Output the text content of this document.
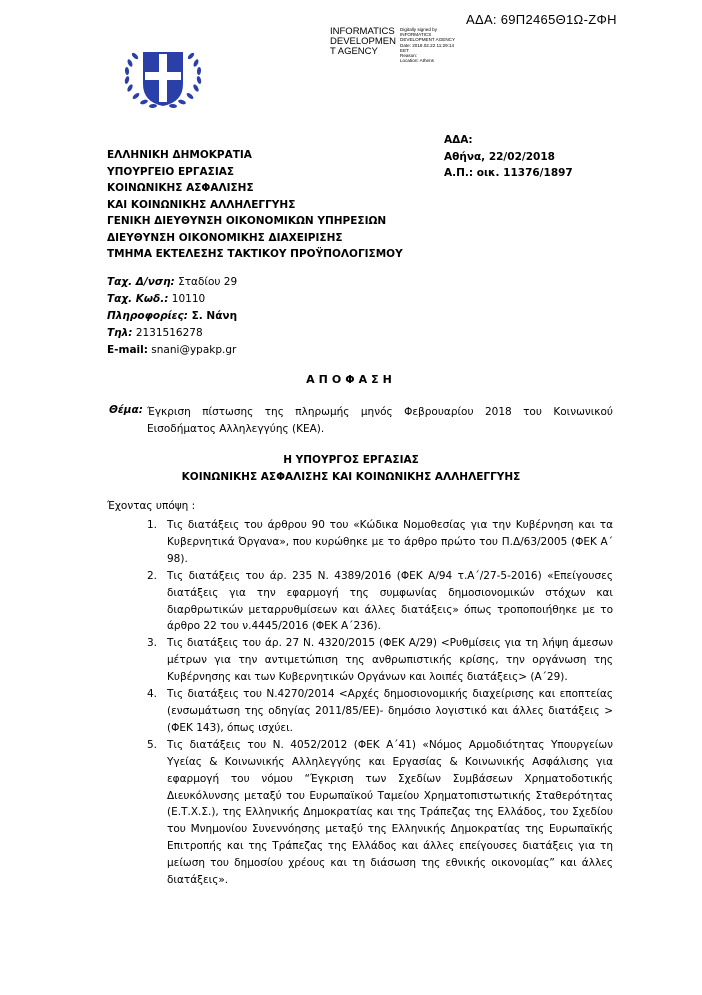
ΑΔΑ: 69Π2465Θ1Ω-ΖΦΗ
INFORMATICS
DEVELOPMEN
T AGENCY
Digitally signed by
INFORMATICS
DEVELOPMENT AGENCY
Date: 2018.02.22 11:29:14
EET
Reason:
Location: Athens
ΑΔΑ:
Αθήνα, 22/02/2018
Α.Π.: οικ. 11376/1897
ΕΛΛΗΝΙΚΗ ΔΗΜΟΚΡΑΤΙΑ
ΥΠΟΥΡΓΕΙΟ ΕΡΓΑΣΙΑΣ
ΚΟΙΝΩΝΙΚΗΣ ΑΣΦΑΛΙΣΗΣ
ΚΑΙ ΚΟΙΝΩΝΙΚΗΣ ΑΛΛΗΛΕΓΓΥΗΣ
ΓΕΝΙΚΗ ΔΙΕΥΘΥΝΣΗ ΟΙΚΟΝΟΜΙΚΩΝ ΥΠΗΡΕΣΙΩΝ
ΔΙΕΥΘΥΝΣΗ ΟΙΚΟΝΟΜΙΚΗΣ ΔΙΑΧΕΙΡΙΣΗΣ
ΤΜΗΜΑ ΕΚΤΕΛΕΣΗΣ ΤΑΚΤΙΚΟΥ ΠΡΟΫΠΟΛΟΓΙΣΜΟΥ
Ταχ. Δ/νση: Σταδίου 29
Ταχ. Κωδ.: 10110
Πληροφορίες: Σ. Νάνη
Τηλ: 2131516278
E-mail: snani@ypakp.gr
ΑΠΟΦΑΣΗ
Θέμα: Έγκριση πίστωσης της πληρωμής μηνός Φεβρουαρίου 2018 του Κοινωνικού Εισοδήματος Αλληλεγγύης (ΚΕΑ).
Η ΥΠΟΥΡΓΟΣ ΕΡΓΑΣΙΑΣ
ΚΟΙΝΩΝΙΚΗΣ ΑΣΦΑΛΙΣΗΣ ΚΑΙ ΚΟΙΝΩΝΙΚΗΣ ΑΛΛΗΛΕΓΓΥΗΣ
Έχοντας υπόψη :
1. Τις διατάξεις του άρθρου 90 του «Κώδικα Νομοθεσίας για την Κυβέρνηση και τα Κυβερνητικά Όργανα», που κυρώθηκε με το άρθρο πρώτο του Π.Δ/63/2005 (ΦΕΚ Α΄ 98).
2. Τις διατάξεις του άρ. 235 Ν. 4389/2016 (ΦΕΚ Α/94 τ.Α΄/27-5-2016) «Επείγουσες διατάξεις για την εφαρμογή της συμφωνίας δημοσιονομικών στόχων και διαρθρωτικών μεταρρυθμίσεων και άλλες διατάξεις» όπως τροποποιήθηκε με το άρθρο 22 του ν.4445/2016 (ΦΕΚ Α΄236).
3. Τις διατάξεις του άρ. 27 Ν. 4320/2015 (ΦΕΚ Α/29) <Ρυθμίσεις για τη λήψη άμεσων μέτρων για την αντιμετώπιση της ανθρωπιστικής κρίσης, την οργάνωση της Κυβέρνησης και των Κυβερνητικών Οργάνων και λοιπές διατάξεις> (Α΄29).
4. Τις διατάξεις του Ν.4270/2014 <Αρχές δημοσιονομικής διαχείρισης και εποπτείας (ενσωμάτωση της οδηγίας 2011/85/ΕΕ)- δημόσιο λογιστικό και άλλες διατάξεις > (ΦΕΚ 143), όπως ισχύει.
5. Τις διατάξεις του Ν. 4052/2012 (ΦΕΚ Α΄41) «Νόμος Αρμοδιότητας Υπουργείων Υγείας & Κοινωνικής Αλληλεγγύης και Εργασίας & Κοινωνικής Ασφάλισης για εφαρμογή του νόμου “Έγκριση των Σχεδίων Συμβάσεων Χρηματοδοτικής Διευκόλυνσης μεταξύ του Ευρωπαϊκού Ταμείου Χρηματοπιστωτικής Σταθερότητας (Ε.Τ.Χ.Σ.), της Ελληνικής Δημοκρατίας και της Τράπεζας της Ελλάδος, του Σχεδίου του Μνημονίου Συνεννόησης μεταξύ της Ελληνικής Δημοκρατίας της Ευρωπαϊκής Επιτροπής και της Τράπεζας της Ελλάδος και άλλες επείγουσες διατάξεις για τη μείωση του δημοσίου χρέους και τη διάσωση της εθνικής οικονομίας” και άλλες διατάξεις».
